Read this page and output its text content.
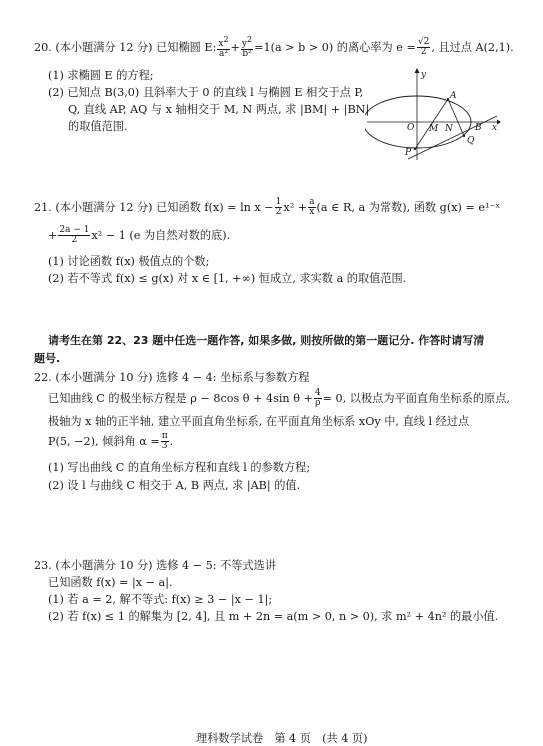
20. (本小题满分 12 分) 已知椭圆 E: $\frac{x^2}{\text{a²}} + \frac{y^2}{\text{b²}} =1(a > b > 0)$ 的离心率为 $e = \frac{√2}{2}$ , 且过点 A(2,1).
(1) 求椭圆 E 的方程;
(2) 已知点 B(3,0) 且斜率大于 0 的直线 l 与椭圆 E 相交于点 P,
Q, 直线 AP, AQ 与 x 轴相交于 M, N 两点, 求 |BM| + |BN|
的取值范围.
y
A
O M N B x
Q
P
21. (本小题满分 12 分) 已知函数 $f(x) = \ln x - \frac{1}{2} x^2 + \frac{a}{x} (a$ ∈ R, a 为常数), 函数 g(x) = e¹⁻ˣ
+ $\frac{2a - 1}{2} x^2 - 1$ (e 为自然对数的底).
(1) 讨论函数 f(x) 极值点的个数;
(2) 若不等式 f(x) ≤ g(x) 对 x ∈ [1, +∞) 恒成立, 求实数 a 的取值范围.
请考生在第 22、23 题中任选一题作答, 如果多做, 则按所做的第一题记分. 作答时请写清
题号.
22. (本小题满分 10 分) 选修 4 − 4: 坐标系与参数方程
已知曲线 C 的极坐标方程是 ρ − 8cos θ + 4sin $\theta + \frac{4}{\rho} = 0$, 以极点为平面直角坐标系的原点,
极轴为 x 轴的正半轴, 建立平面直角坐标系, 在平面直角坐标系 xOy 中, 直线 l 经过点
P(5, −2), 倾斜角 $\alpha = \frac{\pi}{3}$ .
(1) 写出曲线 C 的直角坐标方程和直线 l 的参数方程;
(2) 设 l 与曲线 C 相交于 A, B 两点, 求 |AB| 的值.
23. (本小题满分 10 分) 选修 4 − 5: 不等式选讲
已知函数 f(x) = |x − a|.
(1) 若 a = 2, 解不等式: f(x) ≥ 3 − |x − 1|;
(2) 若 f(x) ≤ 1 的解集为 [2, 4], 且 m + 2n = a(m > 0, n > 0), 求 m² + 4n² 的最小值.
理科数学试卷　第 4 页　(共 4 页)
